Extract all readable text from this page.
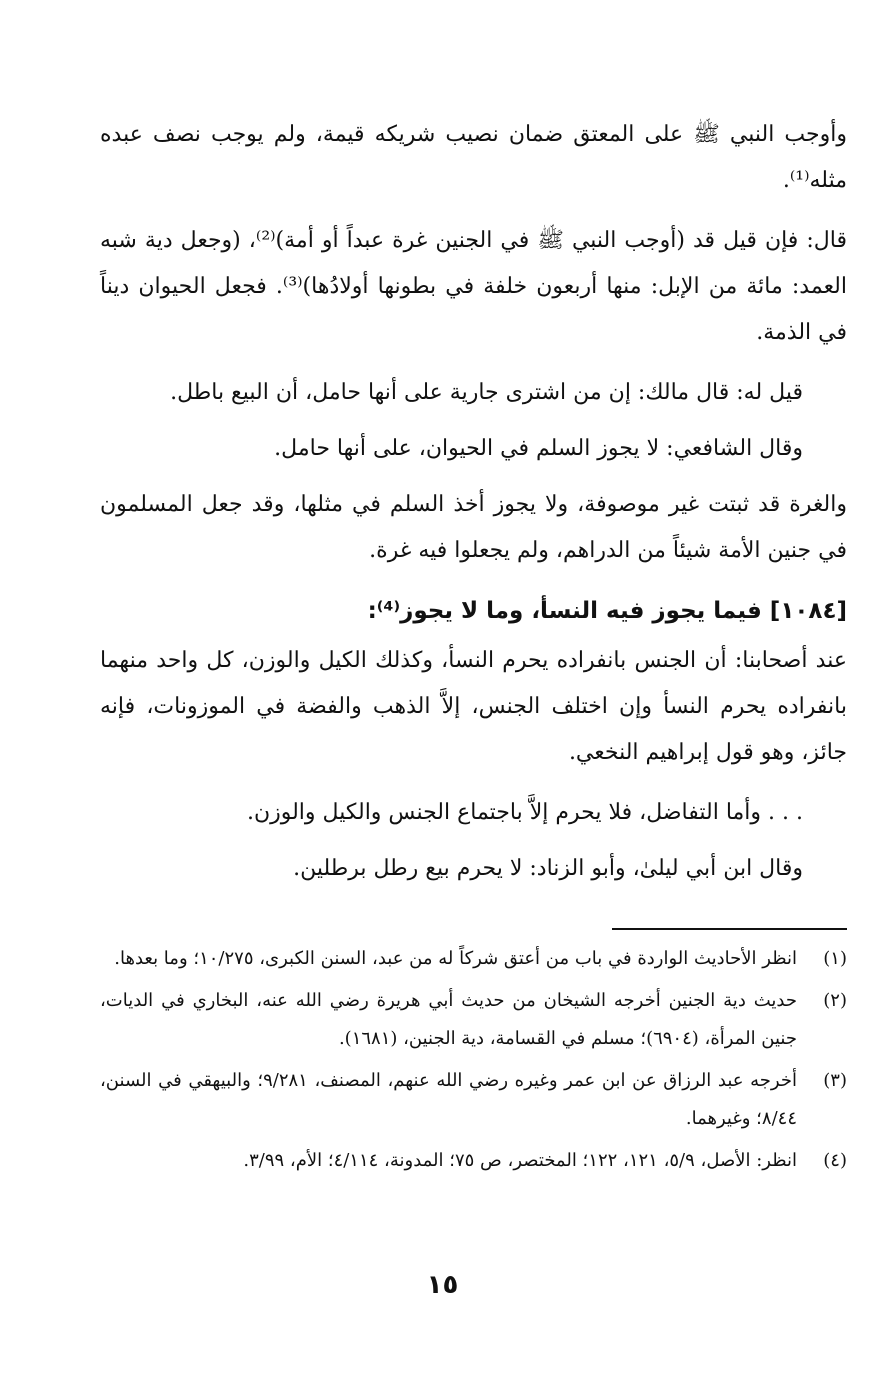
وأوجب النبي ﷺ على المعتق ضمان نصيب شريكه قيمة، ولم يوجب نصف عبده مثله⁽¹⁾.

قال: فإن قيل قد (أوجب النبي ﷺ في الجنين غرة عبداً أو أمة)⁽²⁾، (وجعل دية شبه العمد: مائة من الإبل: منها أربعون خلفة في بطونها أولادُها)⁽³⁾. فجعل الحيوان ديناً في الذمة.

قيل له: قال مالك: إن من اشترى جارية على أنها حامل، أن البيع باطل.

وقال الشافعي: لا يجوز السلم في الحيوان، على أنها حامل.

والغرة قد ثبتت غير موصوفة، ولا يجوز أخذ السلم في مثلها، وقد جعل المسلمون في جنين الأمة شيئاً من الدراهم، ولم يجعلوا فيه غرة.

[١٠٨٤] فيما يجوز فيه النسأ، وما لا يجوز⁽⁴⁾:

عند أصحابنا: أن الجنس بانفراده يحرم النسأ، وكذلك الكيل والوزن، كل واحد منهما بانفراده يحرم النسأ وإن اختلف الجنس، إلاَّ الذهب والفضة في الموزونات، فإنه جائز، وهو قول إبراهيم النخعي.

. . . وأما التفاضل، فلا يحرم إلاَّ باجتماع الجنس والكيل والوزن.

وقال ابن أبي ليلىٰ، وأبو الزناد: لا يحرم بيع رطل برطلين.

(١)
انظر الأحاديث الواردة في باب من أعتق شركاً له من عبد، السنن الكبرى، ١٠/٢٧٥؛ وما بعدها.
(٢)
حديث دية الجنين أخرجه الشيخان من حديث أبي هريرة رضي الله عنه، البخاري في الديات، جنين المرأة، (٦٩٠٤)؛ مسلم في القسامة، دية الجنين، (١٦٨١).
(٣)
أخرجه عبد الرزاق عن ابن عمر وغيره رضي الله عنهم، المصنف، ٩/٢٨١؛ والبيهقي في السنن، ٨/٤٤؛ وغيرهما.
(٤)
انظر: الأصل، ٥/٩، ١٢١، ١٢٢؛ المختصر، ص ٧٥؛ المدونة، ٤/١١٤؛ الأم، ٣/٩٩.
١٥
